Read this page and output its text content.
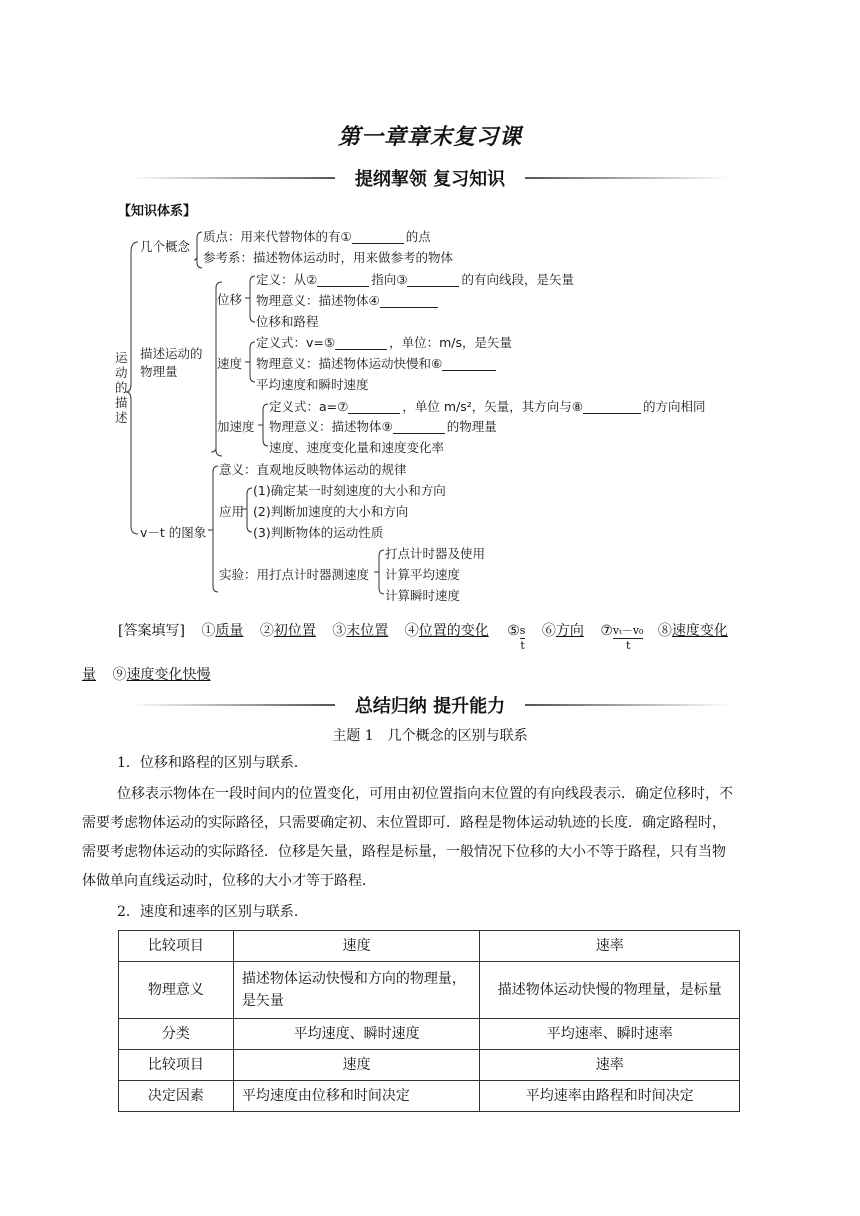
第一章章末复习课
提纲挈领 复习知识
【知识体系】
运动的描述
几个概念
质点：用来代替物体的有①	的点
参考系：描述物体运动时，用来做参考的物体
描述运动的物理量
位移
定义：从②	指向③	的有向线段，是矢量
物理意义：描述物体④
位移和路程
速度
定义式：v=⑤	，单位：m/s，是矢量
物理意义：描述物体运动快慢和⑥
平均速度和瞬时速度
加速度
定义式：a=⑦	，单位 m/s²，矢量，其方向与⑧	的方向相同
物理意义：描述物体⑨	的物理量
速度、速度变化量和速度变化率
v－t 的图象
意义：直观地反映物体运动的规律
应用
(1)确定某一时刻速度的大小和方向
(2)判断加速度的大小和方向
(3)判断物体的运动性质
实验：用打点计时器测速度
打点计时器及使用
计算平均速度
计算瞬时速度
[答案填写] ①质量 ②初位置 ③末位置 ④位置的变化 ⑤ $\frac{s}{t}$ ⑥方向 ⑦ $\frac{\text{vₜ－v₀}}{t}$ ⑧速度变化
量 ⑨速度变化快慢
总结归纳 提升能力
主题 1　几个概念的区别与联系
1．位移和路程的区别与联系．
位移表示物体在一段时间内的位置变化，可用由初位置指向末位置的有向线段表示．确定位移时，不
需要考虑物体运动的实际路径，只需要确定初、末位置即可．路程是物体运动轨迹的长度．确定路程时，
需要考虑物体运动的实际路径．位移是矢量，路程是标量，一般情况下位移的大小不等于路程，只有当物
体做单向直线运动时，位移的大小才等于路程．
2．速度和速率的区别与联系．
比较项目	速度	速率
物理意义	描述物体运动快慢和方向的物理量，是矢量	描述物体运动快慢的物理量，是标量
分类	平均速度、瞬时速度	平均速率、瞬时速率
比较项目	速度	速率
决定因素	平均速度由位移和时间决定	平均速率由路程和时间决定
